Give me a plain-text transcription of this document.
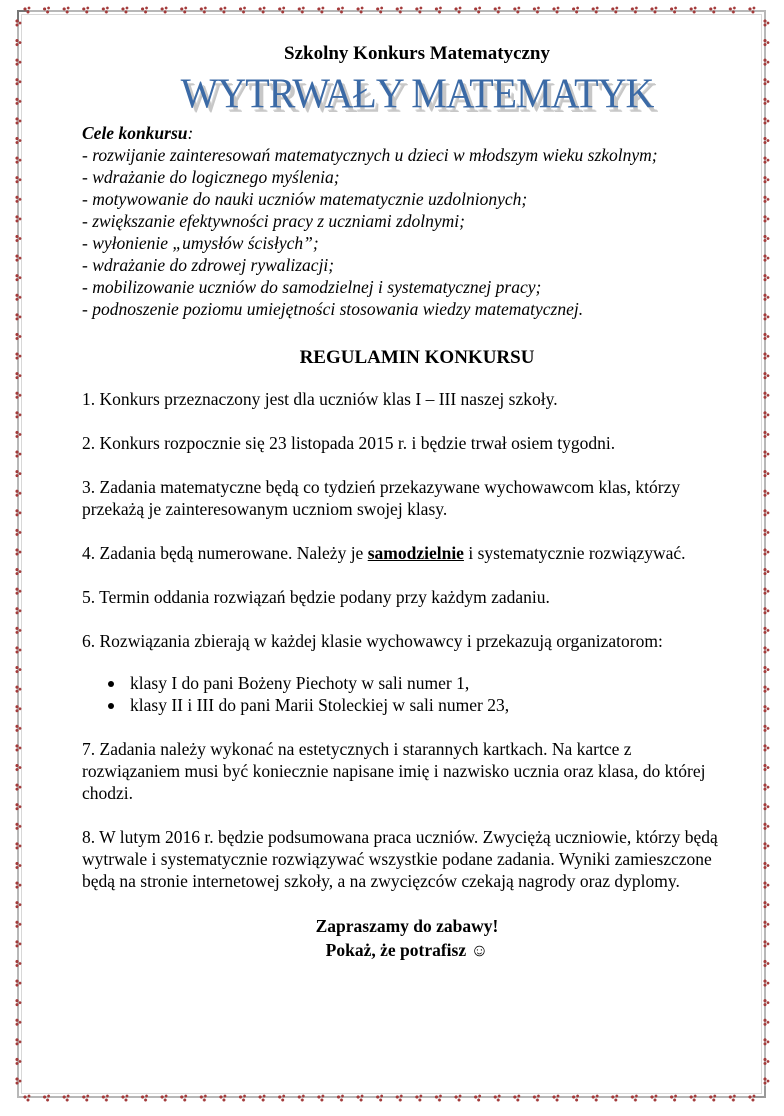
Szkolny Konkurs Matematyczny
WYTRWAŁY MATEMATYK

Cele konkursu:

- rozwijanie zainteresowań matematycznych u dzieci w młodszym wieku szkolnym;

- wdrażanie do logicznego myślenia;

- motywowanie do nauki uczniów matematycznie uzdolnionych;

- zwiększanie efektywności pracy z uczniami zdolnymi;

- wyłonienie „umysłów ścisłych”;

- wdrażanie do zdrowej rywalizacji;

- mobilizowanie uczniów do samodzielnej i systematycznej pracy;

- podnoszenie poziomu umiejętności stosowania wiedzy matematycznej.

REGULAMIN KONKURSU

1. Konkurs przeznaczony jest dla uczniów klas I – III naszej szkoły.

2. Konkurs rozpocznie się 23 listopada 2015 r. i będzie trwał osiem tygodni.

3. Zadania matematyczne będą co tydzień przekazywane wychowawcom klas, którzy przekażą je zainteresowanym uczniom swojej klasy.

4. Zadania będą numerowane. Należy je samodzielnie i systematycznie rozwiązywać.

5. Termin oddania rozwiązań będzie podany przy każdym zadaniu.

6. Rozwiązania zbierają w każdej klasie wychowawcy i przekazują organizatorom:

klasy I do pani Bożeny Piechoty w sali numer 1,
klasy II i III do pani Marii Stoleckiej w sali numer 23,

7. Zadania należy wykonać na estetycznych i starannych kartkach. Na kartce z rozwiązaniem musi być koniecznie napisane imię i nazwisko ucznia oraz klasa, do której chodzi.

8. W lutym 2016 r. będzie podsumowana praca uczniów. Zwyciężą uczniowie, którzy będą wytrwale i systematycznie rozwiązywać wszystkie podane zadania. Wyniki zamieszczone będą na stronie internetowej szkoły, a na zwycięzców czekają nagrody oraz dyplomy.

Zapraszamy do zabawy!

Pokaż, że potrafisz ☺
